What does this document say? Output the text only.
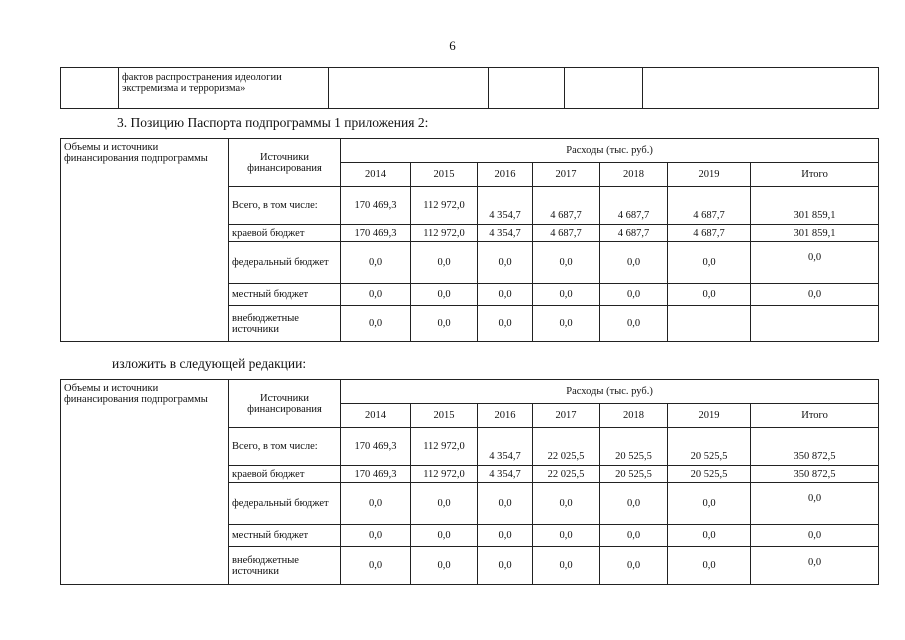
6
	фактов распространения идеологии экстремизма и терроризма»				
3. Позицию Паспорта подпрограммы 1 приложения 2:
Объемы и источники финансирования подпрограммы	Источники финансирования	Расходы (тыс. руб.)						
		2014	2015	2016	2017	2018	2019	Итого
	Всего, в том числе:	170 469,3	112 972,0	4 354,7	4 687,7	4 687,7	4 687,7	301 859,1
	краевой бюджет	170 469,3	112 972,0	4 354,7	4 687,7	4 687,7	4 687,7	301 859,1
	федеральный бюджет	0,0	0,0	0,0	0,0	0,0	0,0	0,0
	местный бюджет	0,0	0,0	0,0	0,0	0,0	0,0	0,0
	внебюджетные источники	0,0	0,0	0,0	0,0	0,0		
изложить в следующей редакции:
Объемы и источники финансирования подпрограммы	Источники финансирования	Расходы (тыс. руб.)						
		2014	2015	2016	2017	2018	2019	Итого
	Всего, в том числе:	170 469,3	112 972,0	4 354,7	22 025,5	20 525,5	20 525,5	350 872,5
	краевой бюджет	170 469,3	112 972,0	4 354,7	22 025,5	20 525,5	20 525,5	350 872,5
	федеральный бюджет	0,0	0,0	0,0	0,0	0,0	0,0	0,0
	местный бюджет	0,0	0,0	0,0	0,0	0,0	0,0	0,0
	внебюджетные источники	0,0	0,0	0,0	0,0	0,0	0,0	0,0
